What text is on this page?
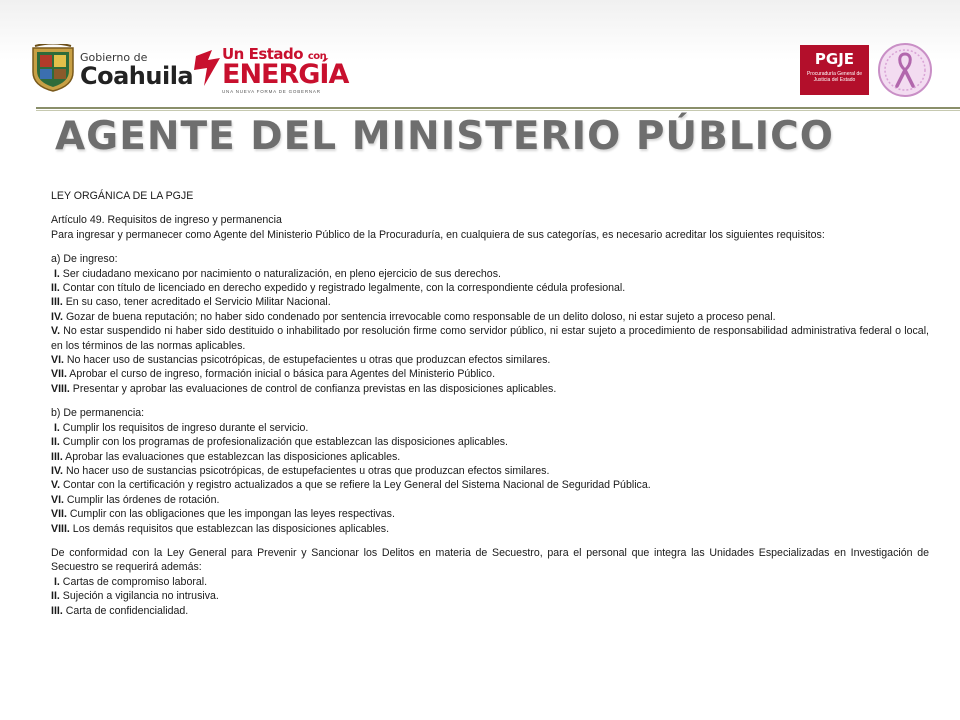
Gobierno de
Coahuila
Un Estado con
ENERGÍA
UNA NUEVA FORMA DE GOBERNAR
PGJE
Procuraduría General de Justicia del Estado
AGENTE DEL MINISTERIO PÚBLICO

LEY ORGÁNICA DE LA PGJE

Artículo 49. Requisitos de ingreso y permanencia

Para ingresar y permanecer como Agente del Ministerio Público de la Procuraduría, en cualquiera de sus categorías, es necesario acreditar los siguientes requisitos:

a) De ingreso:

I. Ser ciudadano mexicano por nacimiento o naturalización, en pleno ejercicio de sus derechos.

II. Contar con título de licenciado en derecho expedido y registrado legalmente, con la correspondiente cédula profesional.

III. En su caso, tener acreditado el Servicio Militar Nacional.

IV. Gozar de buena reputación; no haber sido condenado por sentencia irrevocable como responsable de un delito doloso, ni estar sujeto a proceso penal.

V. No estar suspendido ni haber sido destituido o inhabilitado por resolución firme como servidor público, ni estar sujeto a procedimiento de responsabilidad administrativa federal o local, en los términos de las normas aplicables.

VI. No hacer uso de sustancias psicotrópicas, de estupefacientes u otras que produzcan efectos similares.

VII. Aprobar el curso de ingreso, formación inicial o básica para Agentes del Ministerio Público.

VIII. Presentar y aprobar las evaluaciones de control de confianza previstas en las disposiciones aplicables.

b) De permanencia:

I. Cumplir los requisitos de ingreso durante el servicio.

II. Cumplir con los programas de profesionalización que establezcan las disposiciones aplicables.

III. Aprobar las evaluaciones que establezcan las disposiciones aplicables.

IV. No hacer uso de sustancias psicotrópicas, de estupefacientes u otras que produzcan efectos similares.

V. Contar con la certificación y registro actualizados a que se refiere la Ley General del Sistema Nacional de Seguridad Pública.

VI. Cumplir las órdenes de rotación.

VII. Cumplir con las obligaciones que les impongan las leyes respectivas.

VIII. Los demás requisitos que establezcan las disposiciones aplicables.

De conformidad con la Ley General para Prevenir y Sancionar los Delitos en materia de Secuestro, para el personal que integra las Unidades Especializadas en Investigación de Secuestro se requerirá además:

I. Cartas de compromiso laboral.

II. Sujeción a vigilancia no intrusiva.

III. Carta de confidencialidad.
